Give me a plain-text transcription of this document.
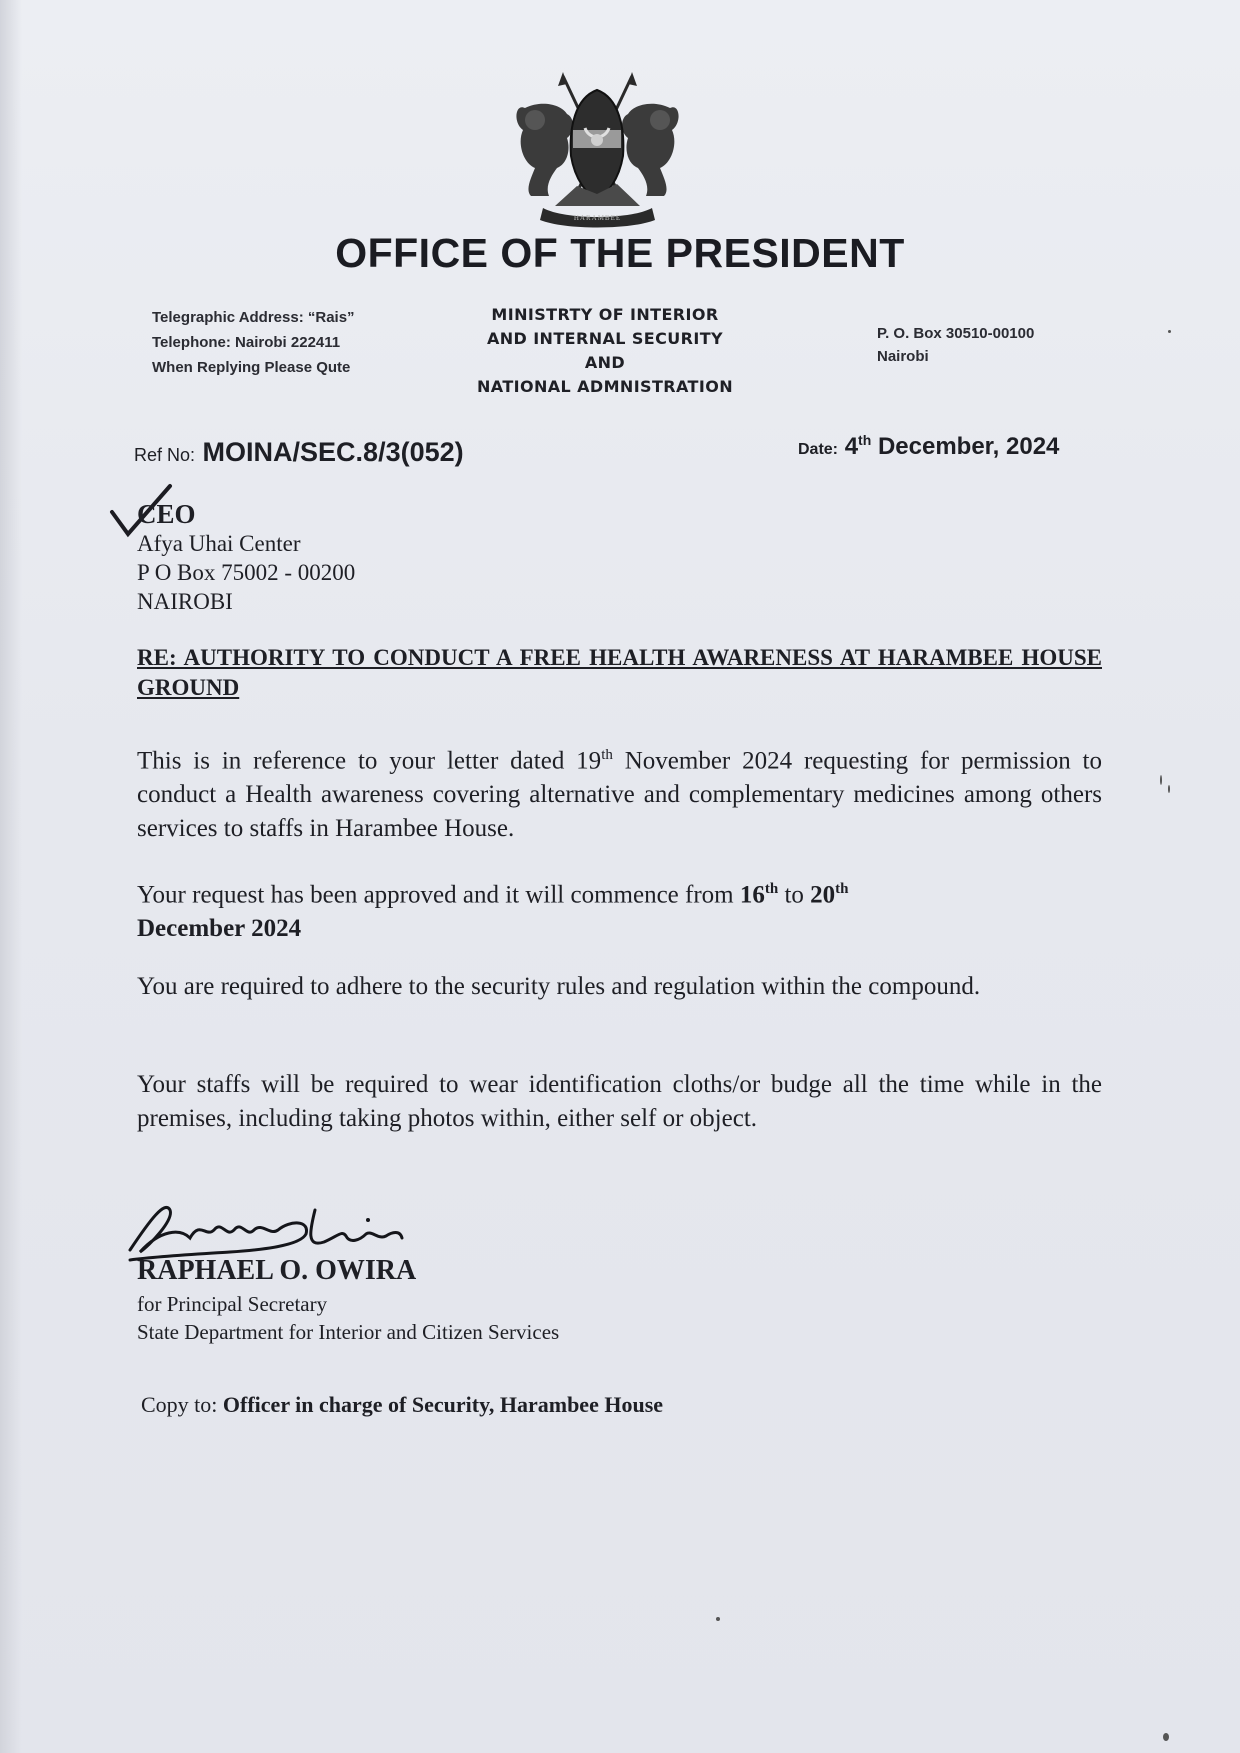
HARAMBEE
OFFICE OF THE PRESIDENT
Telegraphic Address: “Rais”
Telephone: Nairobi 222411
When Replying Please Qute
MINISTRTY OF INTERIOR
AND INTERNAL SECURITY
AND
NATIONAL ADMNISTRATION
P. O. Box 30510-00100
Nairobi
Ref No: MOINA/SEC.8/3(052)	Date: 4th December, 2024
CEO
Afya Uhai Center
P O Box 75002 - 00200
NAIROBI
RE: AUTHORITY TO CONDUCT A FREE HEALTH AWARENESS AT HARAMBEE HOUSE GROUND
This is in reference to your letter dated 19th November 2024 requesting for permission to conduct a Health awareness covering alternative and complementary medicines among others services to staffs in Harambee House.
Your request has been approved and it will commence from 16th to 20th
December 2024
You are required to adhere to the security rules and regulation within the compound.
Your staffs will be required to wear identification cloths/or budge all the time while in the premises, including taking photos within, either self or object.
RAPHAEL O. OWIRA
for Principal Secretary
State Department for Interior and Citizen Services
Copy to: Officer in charge of Security, Harambee House
